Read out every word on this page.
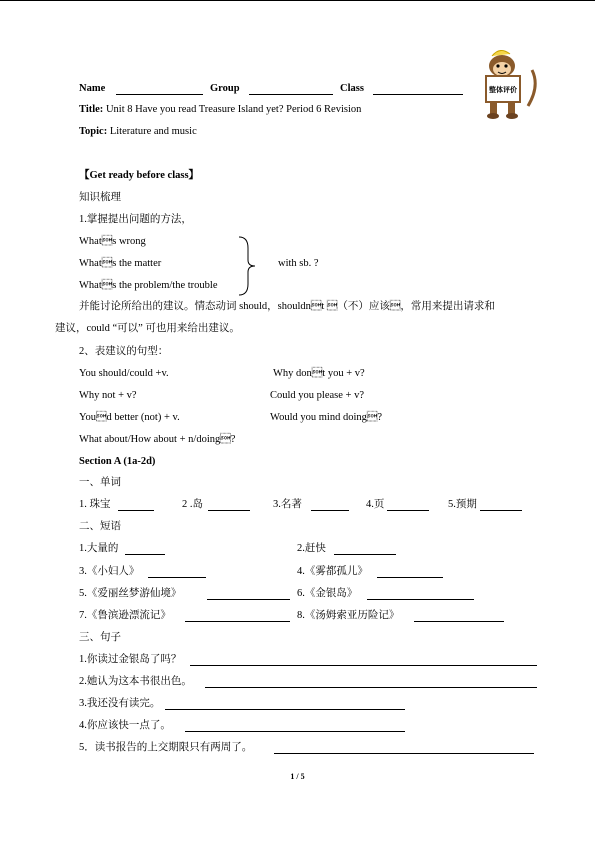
Name	Group	Class	整体评价
Title: Unit 8 Have you read Treasure Island yet? Period 6 Revision
Topic: Literature and music
【Get ready before class】
知识梳理
1.掌握提出问题的方法，
Whats wrong
Whats the matter
Whats the problem/the trouble
with sb. ?
并能讨论所给出的建议。情态动词 should，shouldnt （不）应该，常用来提出请求和
建议，could “可以” 可也用来给出建议。
2、表建议的句型：
You should/could +v.	Why dont you + v?
Why not + v?	Could you please + v?
Youd better (not) + v.	Would you mind doing?
What about/How about + n/doing?
Section A (1a-2d)
一、单词
1. 珠宝	2 .岛	3.名著	4.页	5.预期
二、短语
1.大量的	2.赶快
3.《小妇人》	4.《雾都孤儿》
5.《爱丽丝梦游仙境》	6.《金银岛》
7.《鲁滨逊漂流记》	8.《汤姆索亚历险记》
三、句子
1.你读过金银岛了吗？
2.她认为这本书很出色。
3.我还没有读完。
4.你应该快一点了。
5．读书报告的上交期限只有两周了。
1 / 5
